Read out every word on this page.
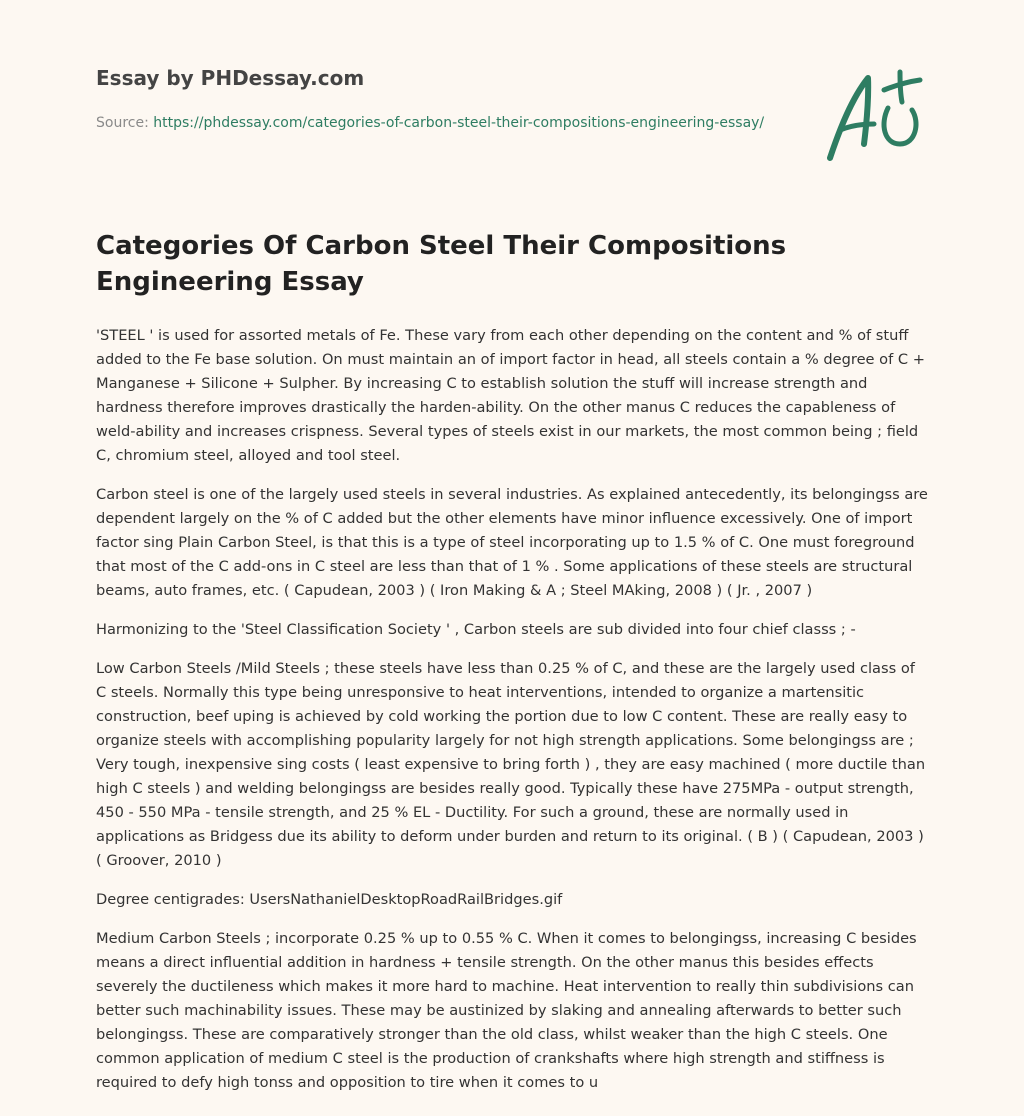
Essay by PHDessay.com
Source: https://phdessay.com/categories-of-carbon-steel-their-compositions-engineering-essay/
Categories Of Carbon Steel Their Compositions Engineering Essay

'STEEL ' is used for assorted metals of Fe. These vary from each other depending on the content and % of stuff added to the Fe base solution. On must maintain an of import factor in head, all steels contain a % degree of C + Manganese + Silicone + Sulpher. By increasing C to establish solution the stuff will increase strength and hardness therefore improves drastically the harden-ability. On the other manus C reduces the capableness of weld-ability and increases crispness. Several types of steels exist in our markets, the most common being ; field C, chromium steel, alloyed and tool steel.

Carbon steel is one of the largely used steels in several industries. As explained antecedently, its belongingss are dependent largely on the % of C added but the other elements have minor influence excessively. One of import factor sing Plain Carbon Steel, is that this is a type of steel incorporating up to 1.5 % of C. One must foreground that most of the C add-ons in C steel are less than that of 1 % . Some applications of these steels are structural beams, auto frames, etc. ( Capudean, 2003 ) ( Iron Making & A ; Steel MAking, 2008 ) ( Jr. , 2007 )

Harmonizing to the 'Steel Classification Society ' , Carbon steels are sub divided into four chief classs ; -

Low Carbon Steels /Mild Steels ; these steels have less than 0.25 % of C, and these are the largely used class of C steels. Normally this type being unresponsive to heat interventions, intended to organize a martensitic construction, beef uping is achieved by cold working the portion due to low C content. These are really easy to organize steels with accomplishing popularity largely for not high strength applications. Some belongingss are ; Very tough, inexpensive sing costs ( least expensive to bring forth ) , they are easy machined ( more ductile than high C steels ) and welding belongingss are besides really good. Typically these have 275MPa - output strength, 450 - 550 MPa - tensile strength, and 25 % EL - Ductility. For such a ground, these are normally used in applications as Bridgess due its ability to deform under burden and return to its original. ( B ) ( Capudean, 2003 ) ( Groover, 2010 )

Degree centigrades: UsersNathanielDesktopRoadRailBridges.gif

Medium Carbon Steels ; incorporate 0.25 % up to 0.55 % C. When it comes to belongingss, increasing C besides means a direct influential addition in hardness + tensile strength. On the other manus this besides effects severely the ductileness which makes it more hard to machine. Heat intervention to really thin subdivisions can better such machinability issues. These may be austinized by slaking and annealing afterwards to better such belongingss. These are comparatively stronger than the old class, whilst weaker than the high C steels. One common application of medium C steel is the production of crankshafts where high strength and stiffness is required to defy high tonss and opposition to tire when it comes to u
